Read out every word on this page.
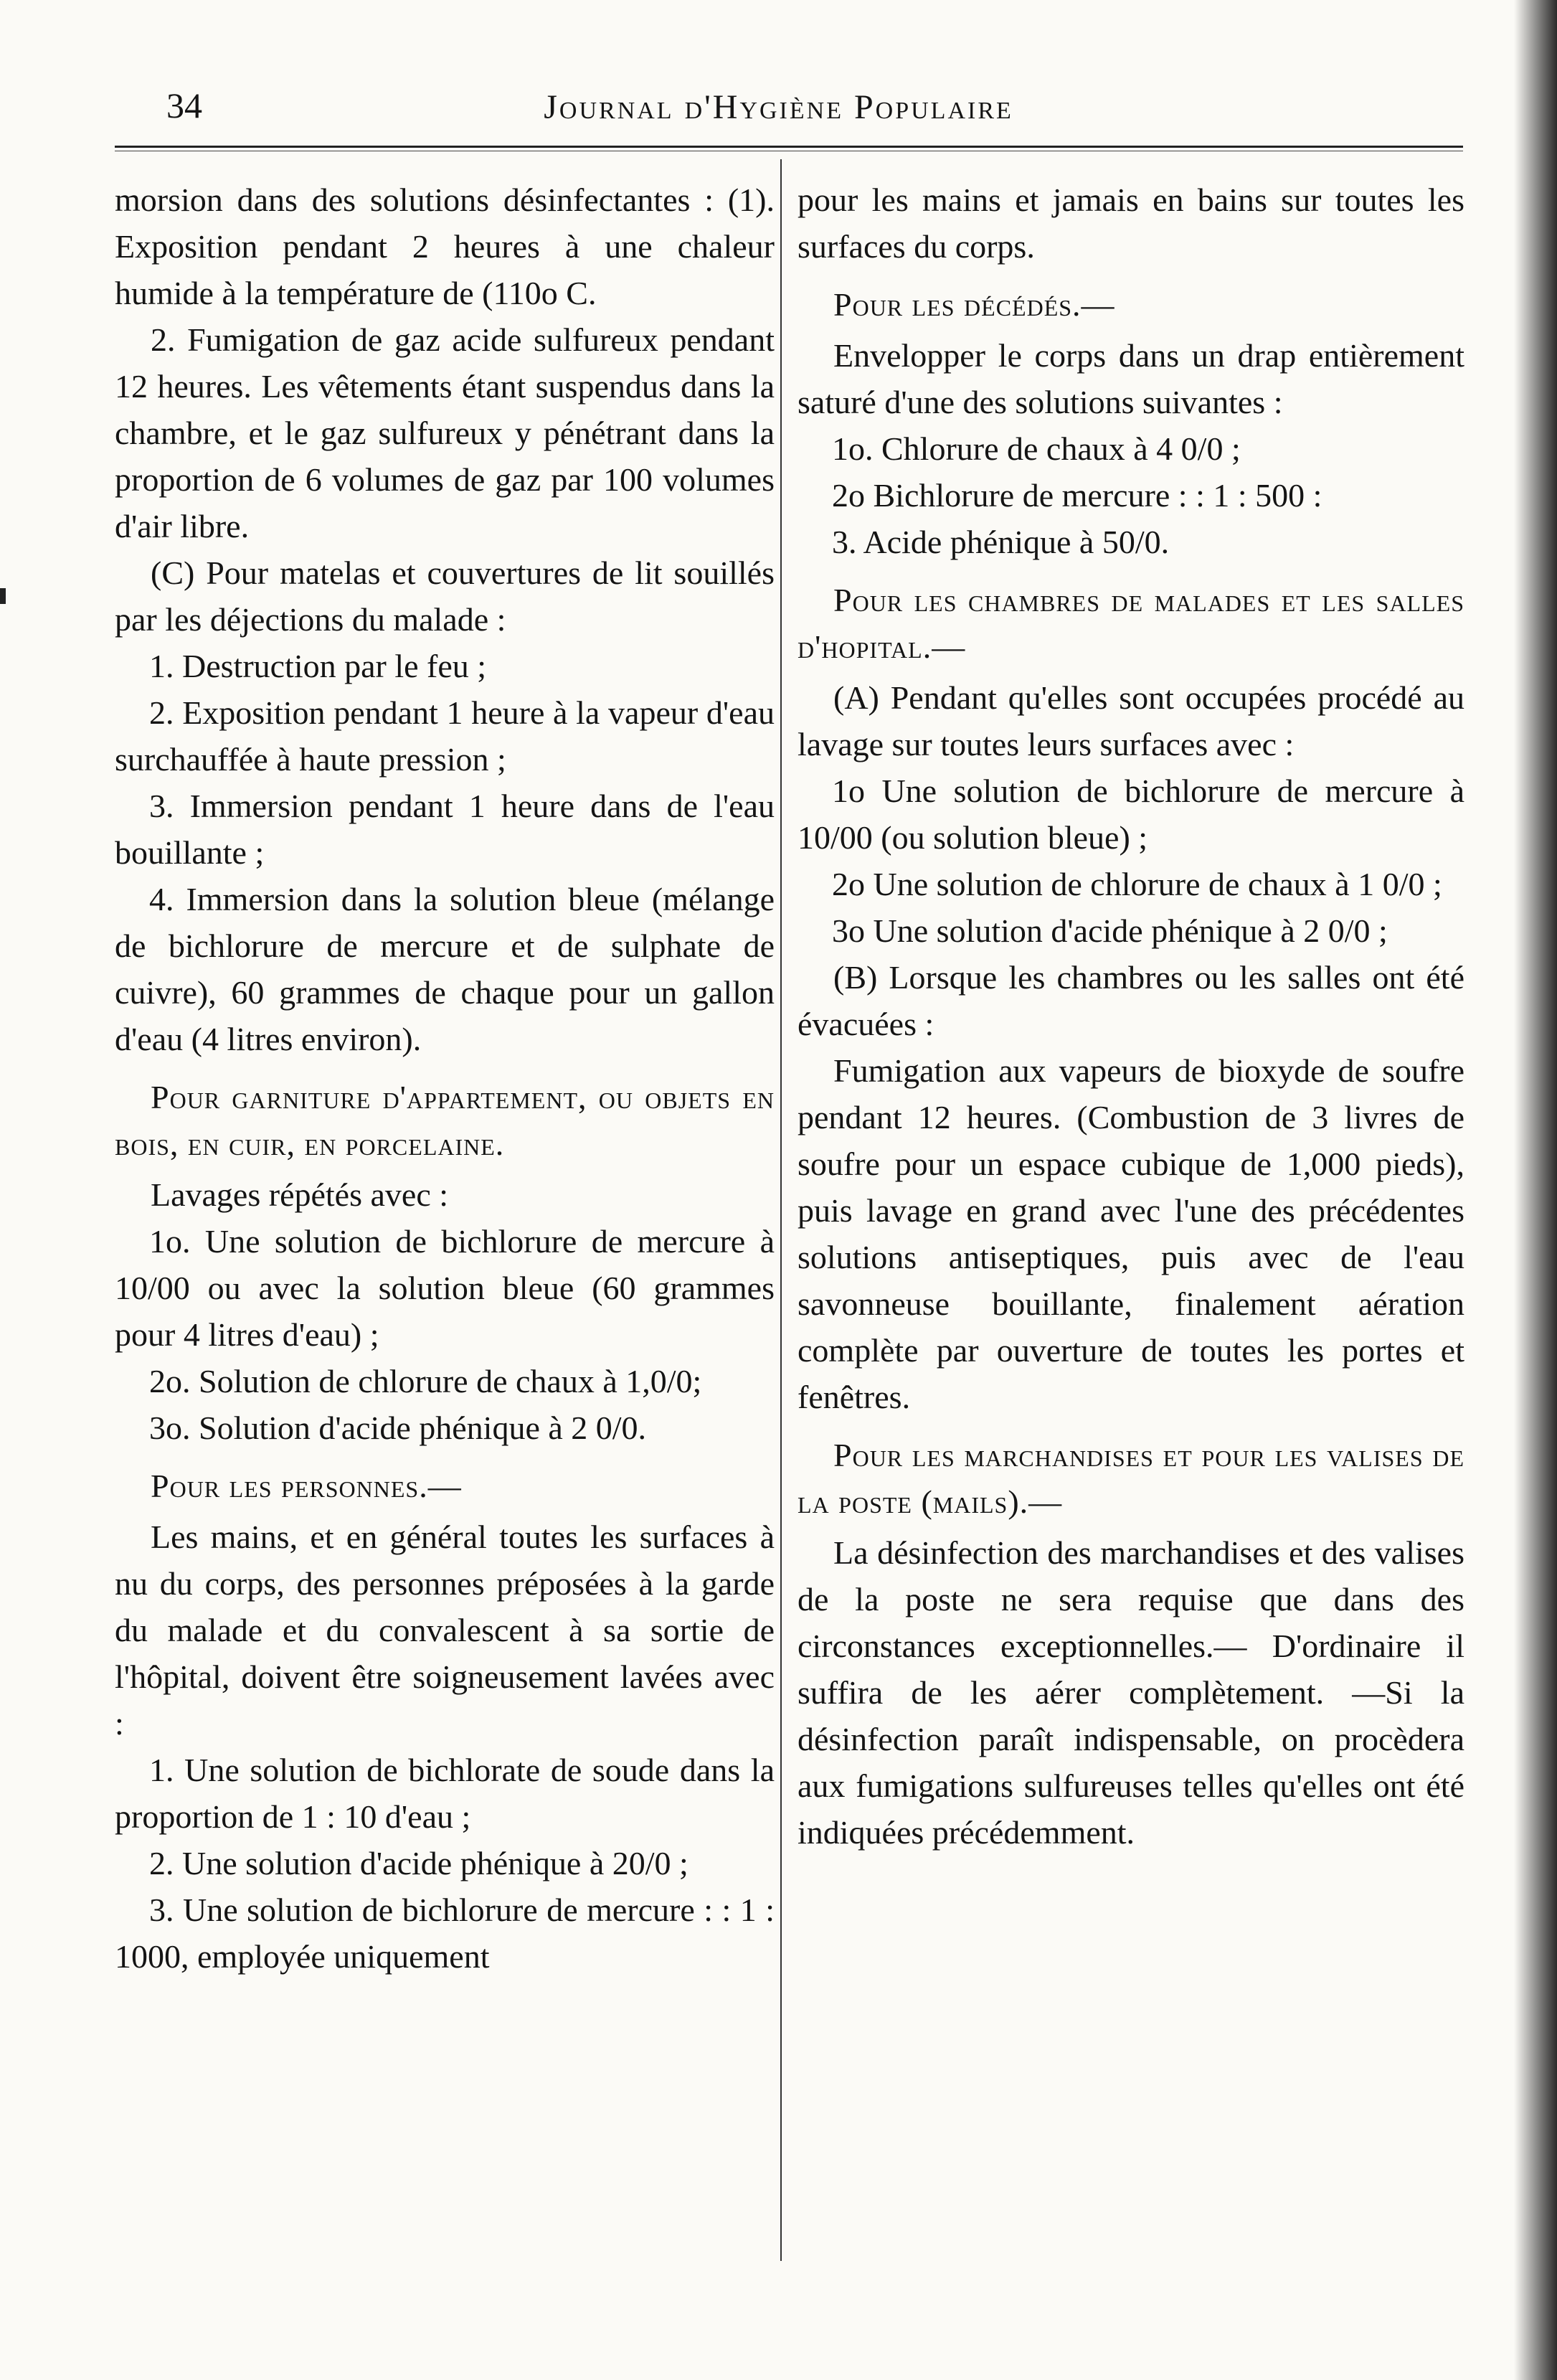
34	Journal d'Hygiène Populaire

morsion dans des solutions désinfectantes : (1). Exposition pendant 2 heures à une chaleur humide à la température de (110o C.

2. Fumigation de gaz acide sulfureux pendant 12 heures. Les vêtements étant suspendus dans la chambre, et le gaz sulfureux y pénétrant dans la proportion de 6 volumes de gaz par 100 volumes d'air libre.

(C) Pour matelas et couvertures de lit souillés par les déjections du malade :

1. Destruction par le feu ;

2. Exposition pendant 1 heure à la vapeur d'eau surchauffée à haute pression ;

3. Immersion pendant 1 heure dans de l'eau bouillante ;

4. Immersion dans la solution bleue (mélange de bichlorure de mercure et de sulphate de cuivre), 60 grammes de chaque pour un gallon d'eau (4 litres environ).

Pour garniture d'appartement, ou objets en bois, en cuir, en porcelaine.

Lavages répétés avec :

1o. Une solution de bichlorure de mercure à 10/00 ou avec la solution bleue (60 grammes pour 4 litres d'eau) ;

2o. Solution de chlorure de chaux à 1,0/0;

3o. Solution d'acide phénique à 2 0/0.

Pour les personnes.—

Les mains, et en général toutes les surfaces à nu du corps, des personnes préposées à la garde du malade et du convalescent à sa sortie de l'hôpital, doivent être soigneusement lavées avec :

1. Une solution de bichlorate de soude dans la proportion de 1 : 10 d'eau ;

2. Une solution d'acide phénique à 20/0 ;

3. Une solution de bichlorure de mercure : : 1 : 1000, employée uniquement

pour les mains et jamais en bains sur toutes les surfaces du corps.

Pour les décédés.—

Envelopper le corps dans un drap entièrement saturé d'une des solutions suivantes :

1o. Chlorure de chaux à 4 0/0 ;

2o Bichlorure de mercure : : 1 : 500 :

3. Acide phénique à 50/0.

Pour les chambres de malades et les salles d'hopital.—

(A) Pendant qu'elles sont occupées procédé au lavage sur toutes leurs surfaces avec :

1o Une solution de bichlorure de mercure à 10/00 (ou solution bleue) ;

2o Une solution de chlorure de chaux à 1 0/0 ;

3o Une solution d'acide phénique à 2 0/0 ;

(B) Lorsque les chambres ou les salles ont été évacuées :

Fumigation aux vapeurs de bioxyde de soufre pendant 12 heures. (Combustion de 3 livres de soufre pour un espace cubique de 1,000 pieds), puis lavage en grand avec l'une des précédentes solutions antiseptiques, puis avec de l'eau savonneuse bouillante, finalement aération complète par ouverture de toutes les portes et fenêtres.

Pour les marchandises et pour les valises de la poste (mails).—

La désinfection des marchandises et des valises de la poste ne sera requise que dans des circonstances exceptionnelles.— D'ordinaire il suffira de les aérer complètement. —Si la désinfection paraît indispensable, on procèdera aux fumigations sulfureuses telles qu'elles ont été indiquées précédemment.
